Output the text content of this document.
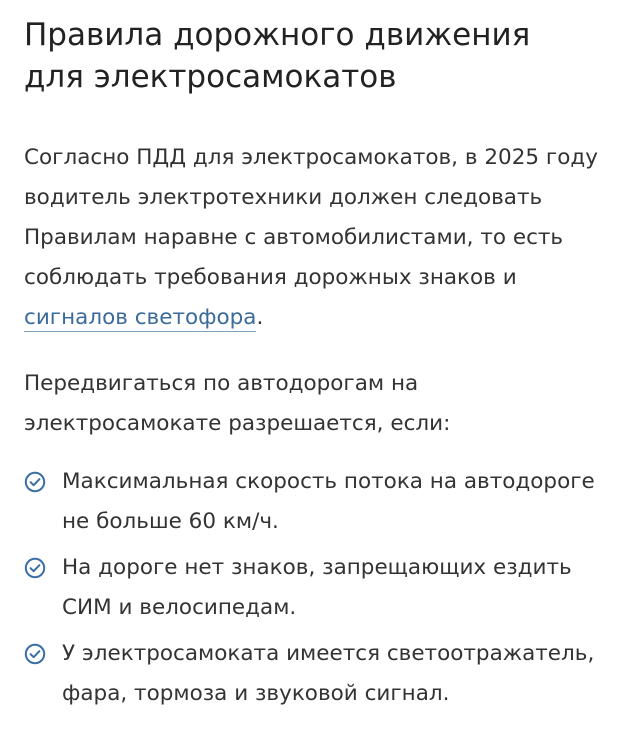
Правила дорожного движения для электросамокатов

Согласно ПДД для электросамокатов, в 2025 году водитель электротехники должен следовать Правилам наравне с автомобилистами, то есть соблюдать требования дорожных знаков и сигналов светофора.

Передвигаться по автодорогам на электросамокате разрешается, если:

Максимальная скорость потока на автодороге не больше 60 км/ч.
На дороге нет знаков, запрещающих ездить СИМ и велосипедам.
У электросамоката имеется светоотражатель, фара, тормоза и звуковой сигнал.
